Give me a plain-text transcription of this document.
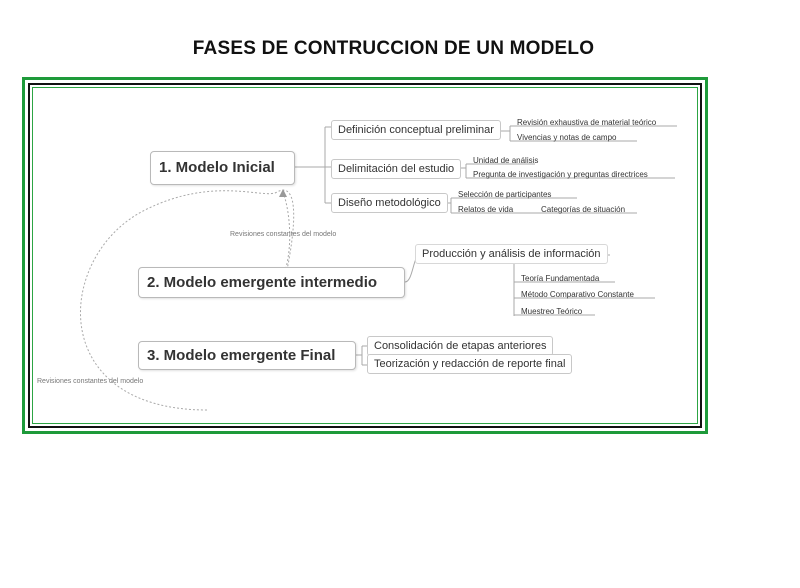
FASES DE CONTRUCCION DE UN MODELO
1. Modelo Inicial
Definición conceptual preliminar
Delimitación del estudio
Diseño metodológico
Revisión exhaustiva de material teórico
Vivencias y notas de campo
Unidad de análisis
Pregunta de investigación y preguntas directrices
Selección de participantes
Relatos de vida	Categorías de situación
Revisiones constantes del modelo
2. Modelo emergente intermedio
Producción y análisis de información
Teoría Fundamentada
Método Comparativo Constante
Muestreo Teórico
3. Modelo emergente Final
Consolidación de etapas anteriores
Teorización y redacción de reporte final
Revisiones constantes del modelo
